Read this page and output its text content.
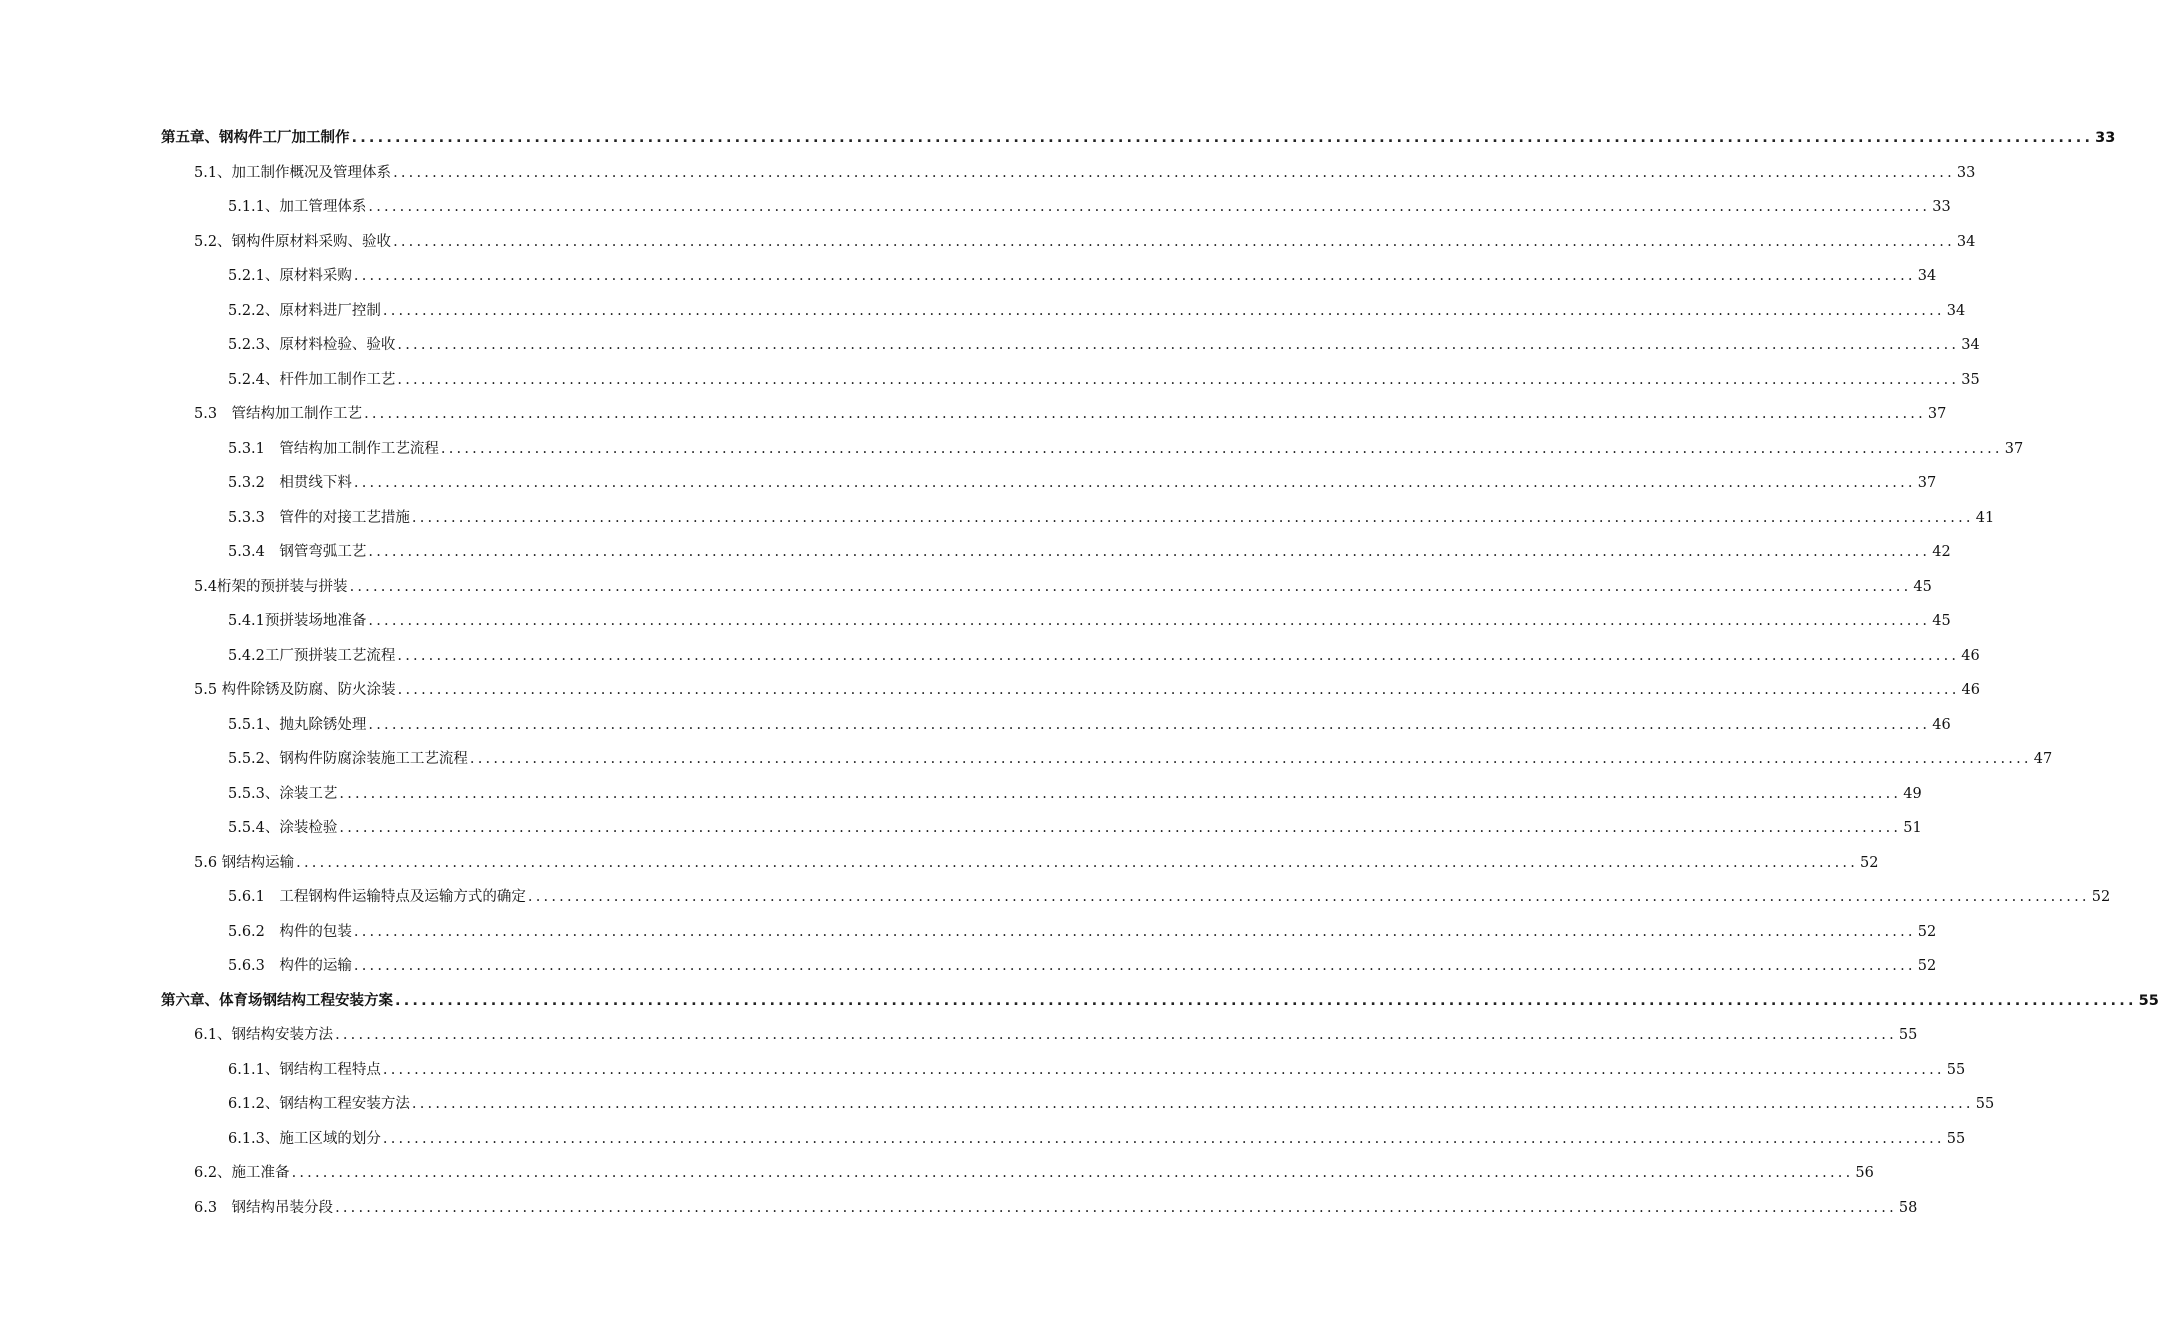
第五章、钢构件工厂加工制作 ........................................................................................................................................................................................................ 33
5.1、加工制作概况及管理体系 ........................................................................................................................................................................................................ 33
5.1.1、加工管理体系 ........................................................................................................................................................................................................ 33
5.2、钢构件原材料采购、验收 ........................................................................................................................................................................................................ 34
5.2.1、原材料采购 ........................................................................................................................................................................................................ 34
5.2.2、原材料进厂控制 ........................................................................................................................................................................................................ 34
5.2.3、原材料检验、验收 ........................................................................................................................................................................................................ 34
5.2.4、杆件加工制作工艺 ........................................................................................................................................................................................................ 35
5.3　管结构加工制作工艺 ........................................................................................................................................................................................................ 37
5.3.1　管结构加工制作工艺流程 ........................................................................................................................................................................................................ 37
5.3.2　相贯线下料 ........................................................................................................................................................................................................ 37
5.3.3　管件的对接工艺措施 ........................................................................................................................................................................................................ 41
5.3.4　钢管弯弧工艺 ........................................................................................................................................................................................................ 42
5.4桁架的预拼装与拼装 ........................................................................................................................................................................................................ 45
5.4.1预拼装场地准备 ........................................................................................................................................................................................................ 45
5.4.2工厂预拼装工艺流程 ........................................................................................................................................................................................................ 46
5.5 构件除锈及防腐、防火涂装 ........................................................................................................................................................................................................ 46
5.5.1、抛丸除锈处理 ........................................................................................................................................................................................................ 46
5.5.2、钢构件防腐涂装施工工艺流程 ........................................................................................................................................................................................................ 47
5.5.3、涂装工艺 ........................................................................................................................................................................................................ 49
5.5.4、涂装检验 ........................................................................................................................................................................................................ 51
5.6 钢结构运输 ........................................................................................................................................................................................................ 52
5.6.1　工程钢构件运输特点及运输方式的确定 ........................................................................................................................................................................................................ 52
5.6.2　构件的包装 ........................................................................................................................................................................................................ 52
5.6.3　构件的运输 ........................................................................................................................................................................................................ 52
第六章、体育场钢结构工程安装方案 ........................................................................................................................................................................................................ 55
6.1、钢结构安装方法 ........................................................................................................................................................................................................ 55
6.1.1、钢结构工程特点 ........................................................................................................................................................................................................ 55
6.1.2、钢结构工程安装方法 ........................................................................................................................................................................................................ 55
6.1.3、施工区域的划分 ........................................................................................................................................................................................................ 55
6.2、施工准备 ........................................................................................................................................................................................................ 56
6.3　钢结构吊装分段 ........................................................................................................................................................................................................ 58
